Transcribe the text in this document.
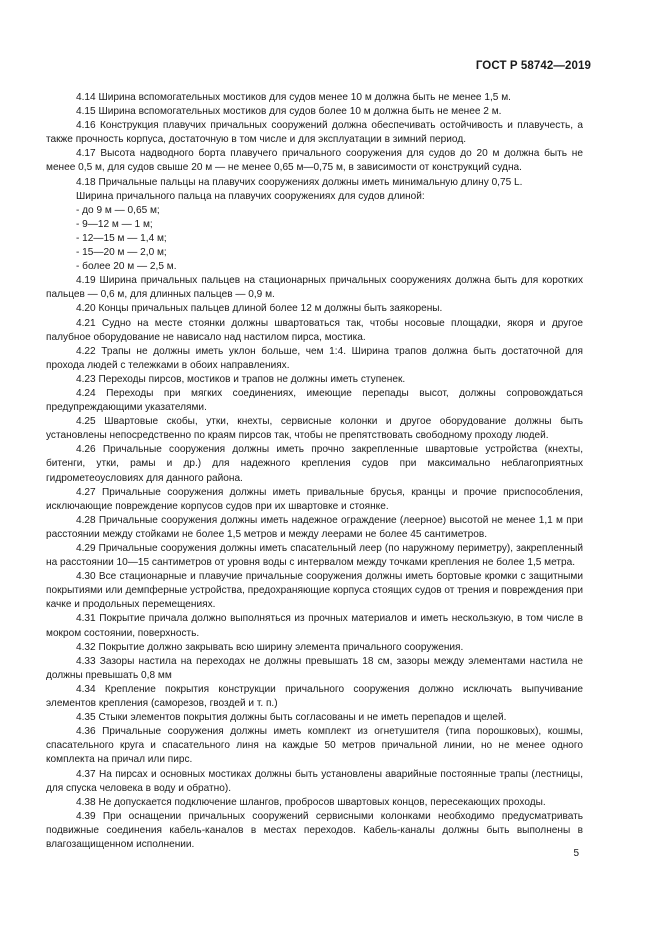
ГОСТ Р 58742—2019

4.14 Ширина вспомогательных мостиков для судов менее 10 м должна быть не менее 1,5 м.

4.15 Ширина вспомогательных мостиков для судов более 10 м должна быть не менее 2 м.

4.16 Конструкция плавучих причальных сооружений должна обеспечивать остойчивость и плавучесть, а также прочность корпуса, достаточную в том числе и для эксплуатации в зимний период.

4.17 Высота надводного борта плавучего причального сооружения для судов до 20 м должна быть не менее 0,5 м, для судов свыше 20 м — не менее 0,65 м—0,75 м, в зависимости от конструкций судна.

4.18 Причальные пальцы на плавучих сооружениях должны иметь минимальную длину 0,75 L.

Ширина причального пальца на плавучих сооружениях для судов длиной:

- до 9 м — 0,65 м;

- 9—12 м — 1 м;

- 12—15 м — 1,4 м;

- 15—20 м — 2,0 м;

- более 20 м — 2,5 м.

4.19 Ширина причальных пальцев на стационарных причальных сооружениях должна быть для коротких пальцев — 0,6 м, для длинных пальцев — 0,9 м.

4.20 Концы причальных пальцев длиной более 12 м должны быть заякорены.

4.21 Судно на месте стоянки должны швартоваться так, чтобы носовые площадки, якоря и другое палубное оборудование не нависало над настилом пирса, мостика.

4.22 Трапы не должны иметь уклон больше, чем 1:4. Ширина трапов должна быть достаточной для прохода людей с тележками в обоих направлениях.

4.23 Переходы пирсов, мостиков и трапов не должны иметь ступенек.

4.24 Переходы при мягких соединениях, имеющие перепады высот, должны сопровождаться предупреждающими указателями.

4.25 Швартовые скобы, утки, кнехты, сервисные колонки и другое оборудование должны быть установлены непосредственно по краям пирсов так, чтобы не препятствовать свободному проходу людей.

4.26 Причальные сооружения должны иметь прочно закрепленные швартовые устройства (кнехты, битенги, утки, рамы и др.) для надежного крепления судов при максимально неблагоприятных гидрометеоусловиях для данного района.

4.27 Причальные сооружения должны иметь привальные брусья, кранцы и прочие приспособления, исключающие повреждение корпусов судов при их швартовке и стоянке.

4.28 Причальные сооружения должны иметь надежное ограждение (леерное) высотой не менее 1,1 м при расстоянии между стойками не более 1,5 метров и между леерами не более 45 сантиметров.

4.29 Причальные сооружения должны иметь спасательный леер (по наружному периметру), закрепленный на расстоянии 10—15 сантиметров от уровня воды с интервалом между точками крепления не более 1,5 метра.

4.30 Все стационарные и плавучие причальные сооружения должны иметь бортовые кромки с защитными покрытиями или демпферные устройства, предохраняющие корпуса стоящих судов от трения и повреждения при качке и продольных перемещениях.

4.31 Покрытие причала должно выполняться из прочных материалов и иметь нескользкую, в том числе в мокром состоянии, поверхность.

4.32 Покрытие должно закрывать всю ширину элемента причального сооружения.

4.33 Зазоры настила на переходах не должны превышать 18 см, зазоры между элементами настила не должны превышать 0,8 мм

4.34 Крепление покрытия конструкции причального сооружения должно исключать выпучивание элементов крепления (саморезов, гвоздей и т. п.)

4.35 Стыки элементов покрытия должны быть согласованы и не иметь перепадов и щелей.

4.36 Причальные сооружения должны иметь комплект из огнетушителя (типа порошковых), кошмы, спасательного круга и спасательного линя на каждые 50 метров причальной линии, но не менее одного комплекта на причал или пирс.

4.37 На пирсах и основных мостиках должны быть установлены аварийные постоянные трапы (лестницы, для спуска человека в воду и обратно).

4.38 Не допускается подключение шлангов, пробросов швартовых концов, пересекающих проходы.

4.39 При оснащении причальных сооружений сервисными колонками необходимо предусматривать подвижные соединения кабель-каналов в местах переходов. Кабель-каналы должны быть выполнены в влагозащищенном исполнении.

5
